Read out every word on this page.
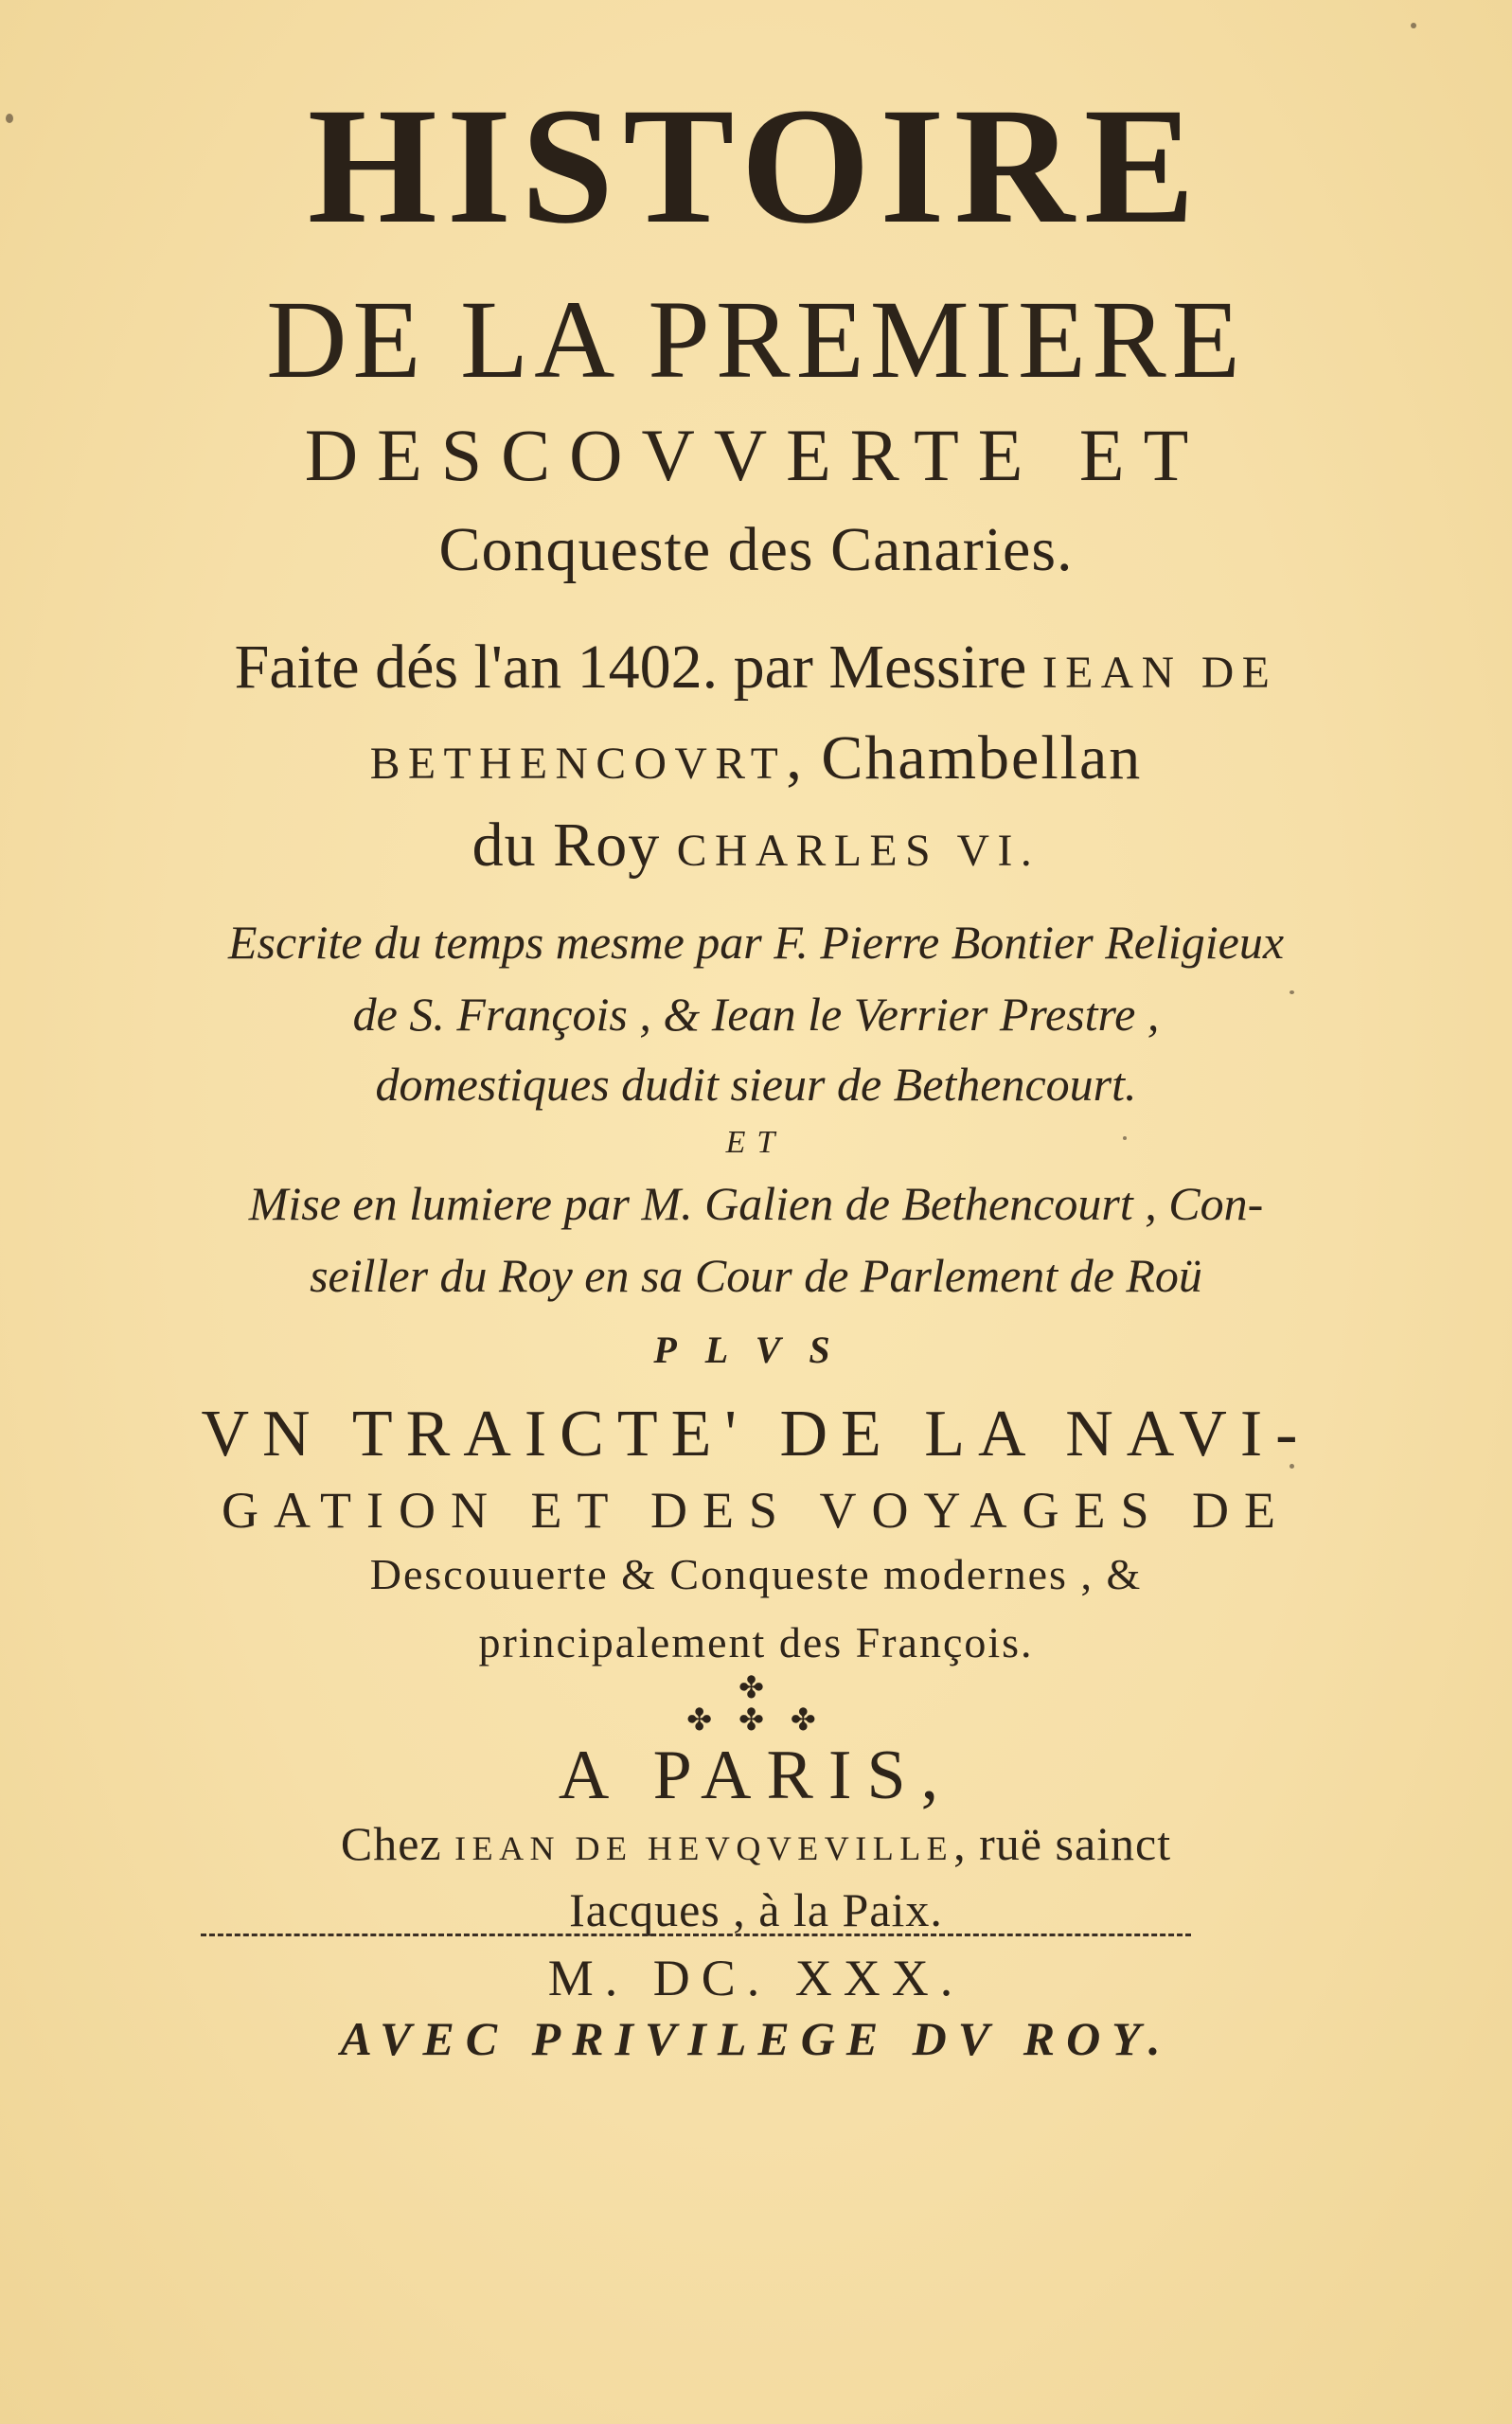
HISTOIRE
DE LA PREMIERE
DESCOVVERTE ET
Conqueste des Canaries.
Faite dés l'an 1402. par Messire IEAN DE
BETHENCOVRT, Chambellan
du Roy CHARLES VI.
Escrite du temps mesme par F. Pierre Bontier Religieux
de S. François , & Iean le Verrier Prestre ,
domestiques dudit sieur de Bethencourt.
ET
Mise en lumiere par M. Galien de Bethencourt , Con-
seiller du Roy en sa Cour de Parlement de Roü
PLVS
VN TRAICTE' DE LA NAVI-
GATION ET DES VOYAGES DE
Descouuerte & Conqueste modernes , &
principalement des François.
✤
✤ ✤ ✤
A PARIS,
Chez IEAN DE HEVQVEVILLE, ruë sainct
Iacques , à la Paix.
M. DC. XXX.
AVEC PRIVILEGE DV ROY.
